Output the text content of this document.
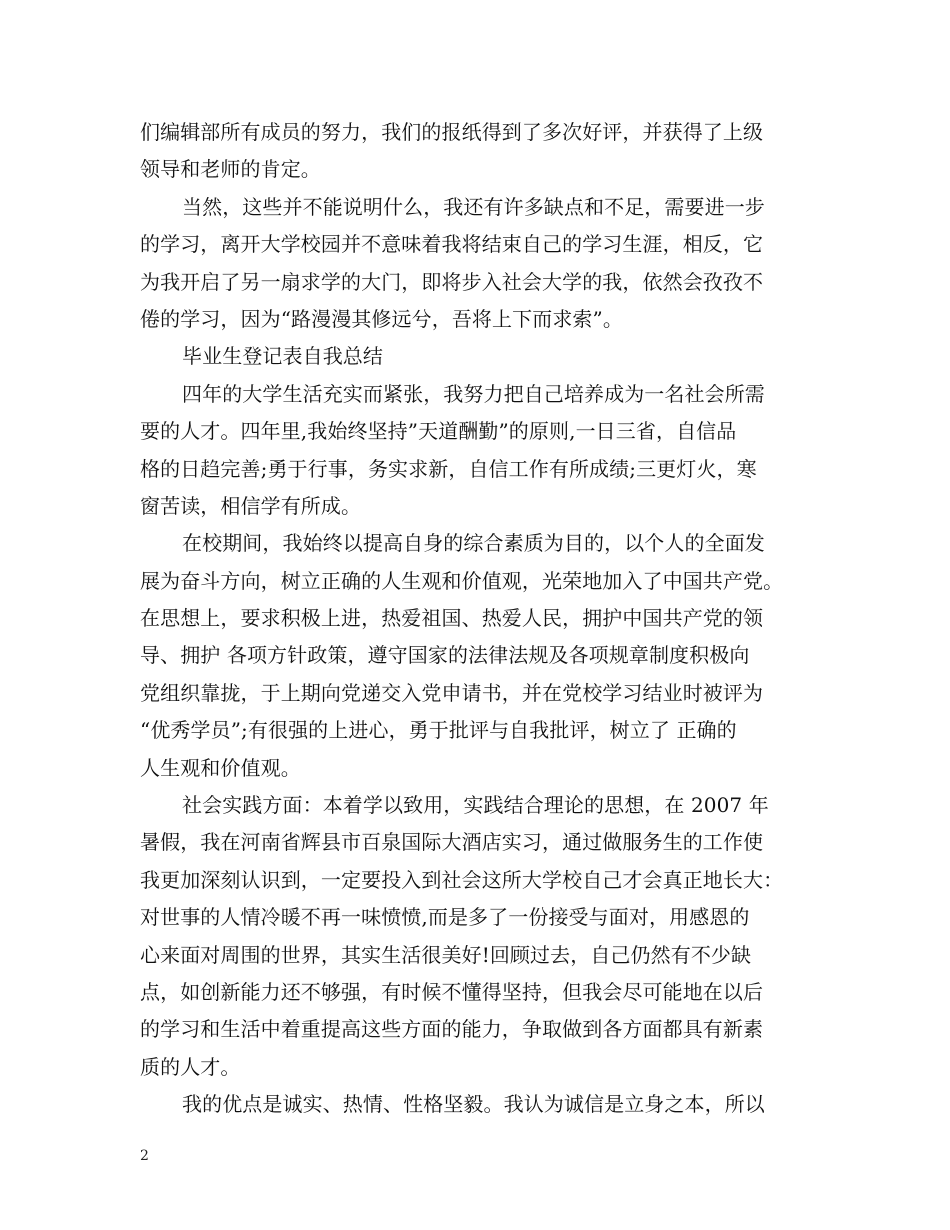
们编辑部所有成员的努力，我们的报纸得到了多次好评，并获得了上级
领导和老师的肯定。
当然，这些并不能说明什么，我还有许多缺点和不足，需要进一步
的学习，离开大学校园并不意味着我将结束自己的学习生涯，相反，它
为我开启了另一扇求学的大门，即将步入社会大学的我，依然会孜孜不
倦的学习，因为“路漫漫其修远兮，吾将上下而求索”。
毕业生登记表自我总结
四年的大学生活充实而紧张，我努力把自己培养成为一名社会所需
要的人才。四年里,我始终坚持”天道酬勤”的原则,一日三省，自信品
格的日趋完善;勇于行事，务实求新，自信工作有所成绩;三更灯火，寒
窗苦读，相信学有所成。
在校期间，我始终以提高自身的综合素质为目的，以个人的全面发
展为奋斗方向，树立正确的人生观和价值观，光荣地加入了中国共产党。
在思想上，要求积极上进，热爱祖国、热爱人民，拥护中国共产党的领
导、拥护 各项方针政策，遵守国家的法律法规及各项规章制度积极向
党组织靠拢，于上期向党递交入党申请书，并在党校学习结业时被评为
“优秀学员”;有很强的上进心，勇于批评与自我批评，树立了 正确的
人生观和价值观。
社会实践方面：本着学以致用，实践结合理论的思想，在 2007 年
暑假，我在河南省辉县市百泉国际大酒店实习，通过做服务生的工作使
我更加深刻认识到，一定要投入到社会这所大学校自己才会真正地长大：
对世事的人情冷暖不再一味愤愤,而是多了一份接受与面对，用感恩的
心来面对周围的世界，其实生活很美好!回顾过去，自己仍然有不少缺
点，如创新能力还不够强，有时候不懂得坚持，但我会尽可能地在以后
的学习和生活中着重提高这些方面的能力，争取做到各方面都具有新素
质的人才。
我的优点是诚实、热情、性格坚毅。我认为诚信是立身之本，所以
2
